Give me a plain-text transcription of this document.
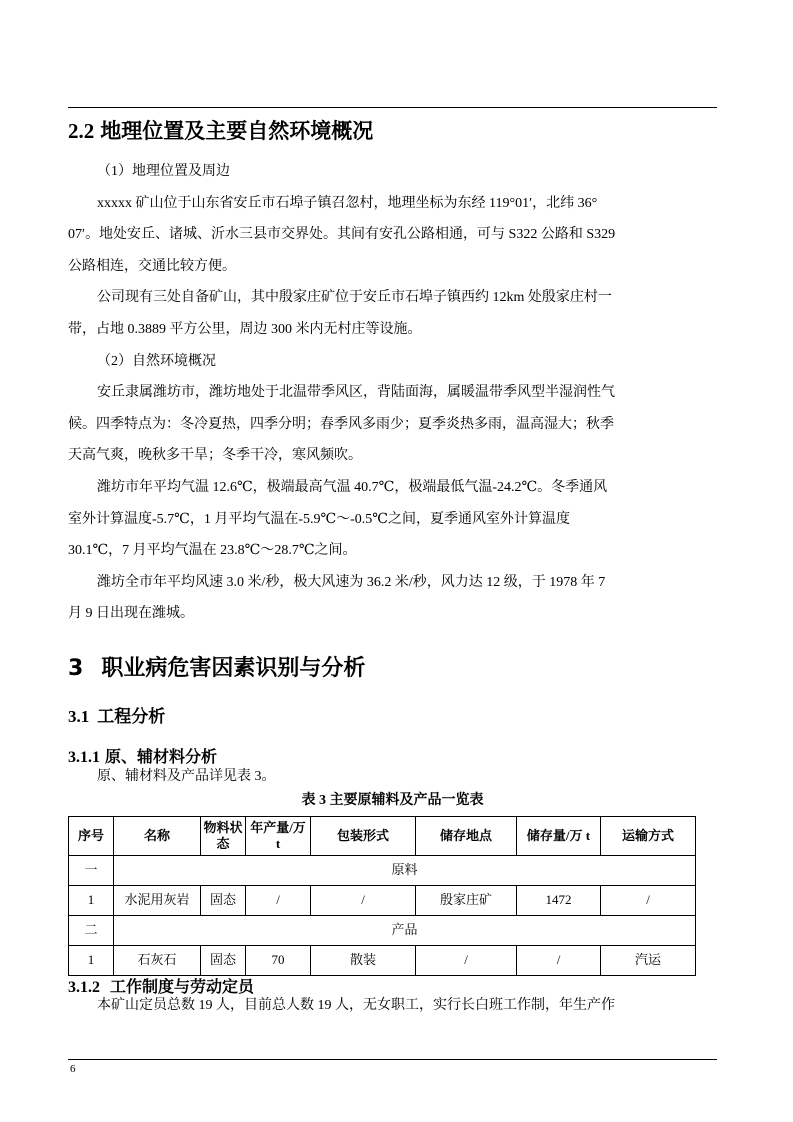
2.2 地理位置及主要自然环境概况
（1）地理位置及周边
xxxxx 矿山位于山东省安丘市石埠子镇召忽村，地理坐标为东经 119°01′，北纬 36°
07′。地处安丘、诸城、沂水三县市交界处。其间有安孔公路相通，可与 S322 公路和 S329
公路相连，交通比较方便。
公司现有三处自备矿山，其中殷家庄矿位于安丘市石埠子镇西约 12km 处殷家庄村一
带，占地 0.3889 平方公里，周边 300 米内无村庄等设施。
（2）自然环境概况
安丘隶属潍坊市，潍坊地处于北温带季风区，背陆面海，属暖温带季风型半湿润性气
候。四季特点为：冬冷夏热，四季分明；春季风多雨少；夏季炎热多雨，温高湿大；秋季
天高气爽，晚秋多干旱；冬季干冷，寒风频吹。
潍坊市年平均气温 12.6℃，极端最高气温 40.7℃，极端最低气温-24.2℃。冬季通风
室外计算温度-5.7℃，1 月平均气温在-5.9℃～-0.5℃之间，夏季通风室外计算温度
30.1℃，7 月平均气温在 23.8℃～28.7℃之间。
潍坊全市年平均风速 3.0 米/秒，极大风速为 36.2 米/秒，风力达 12 级，于 1978 年 7
月 9 日出现在潍城。
3 职业病危害因素识别与分析
3.1 工程分析
3.1.1 原、辅材料分析
原、辅材料及产品详见表 3。
表 3 主要原辅料及产品一览表
序号	名称	物料状态	年产量/万 t	包装形式	储存地点	储存量/万 t	运输方式
一	原料						
1	水泥用灰岩	固态	/	/	殷家庄矿	1472	/
二	产品						
1	石灰石	固态	70	散装	/	/	汽运
3.1.2 工作制度与劳动定员
本矿山定员总数 19 人，目前总人数 19 人，无女职工，实行长白班工作制，年生产作
6
